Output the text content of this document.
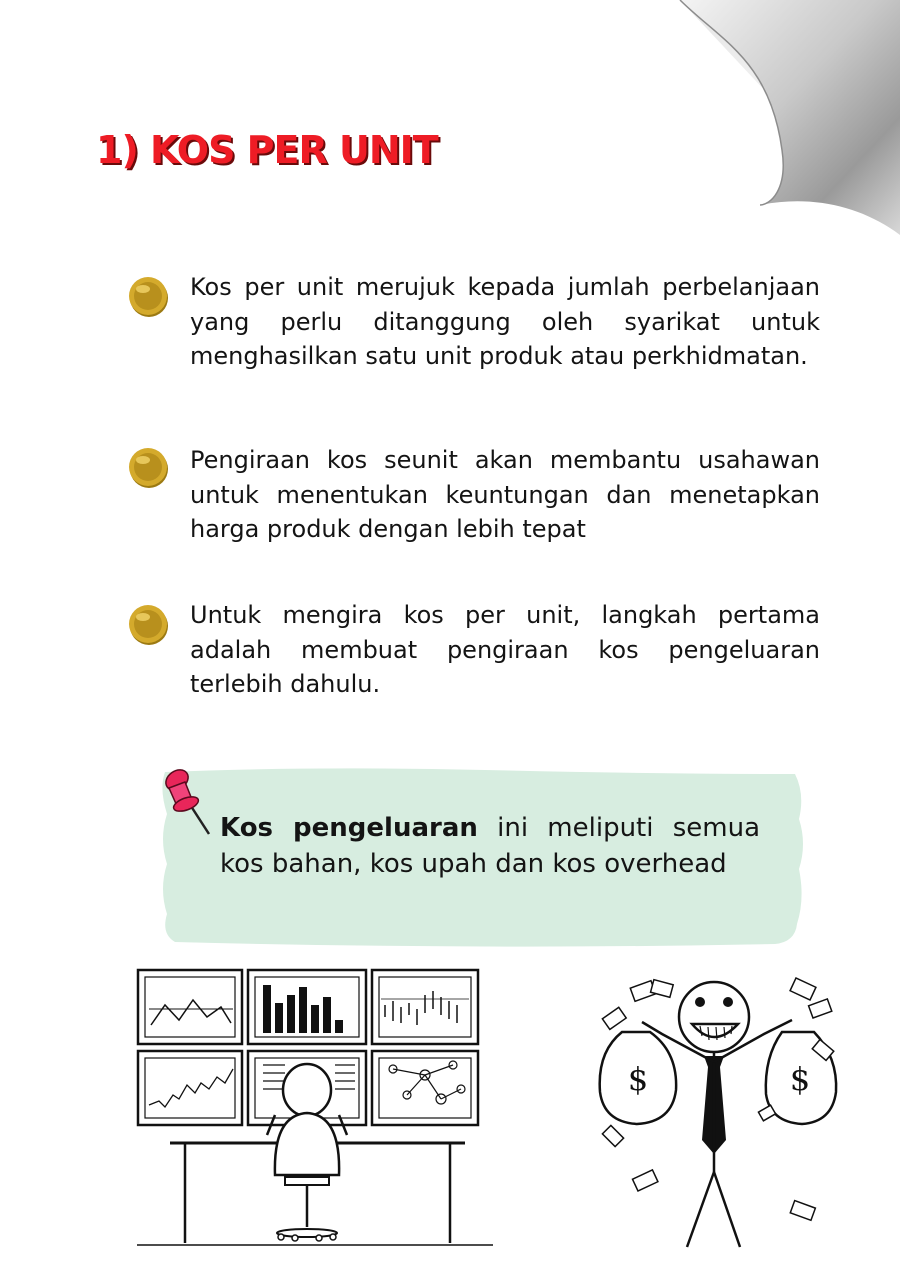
1) KOS PER UNIT

Kos per unit merujuk kepada jumlah perbelanjaan yang perlu ditanggung oleh syarikat untuk menghasilkan satu unit produk atau perkhidmatan.

Pengiraan kos seunit akan membantu usahawan untuk menentukan keuntungan dan menetapkan harga produk dengan lebih tepat

Untuk mengira kos per unit, langkah pertama adalah membuat pengiraan kos pengeluaran terlebih dahulu.

Kos pengeluaran ini meliputi semua kos bahan, kos upah dan kos overhead

$	$
